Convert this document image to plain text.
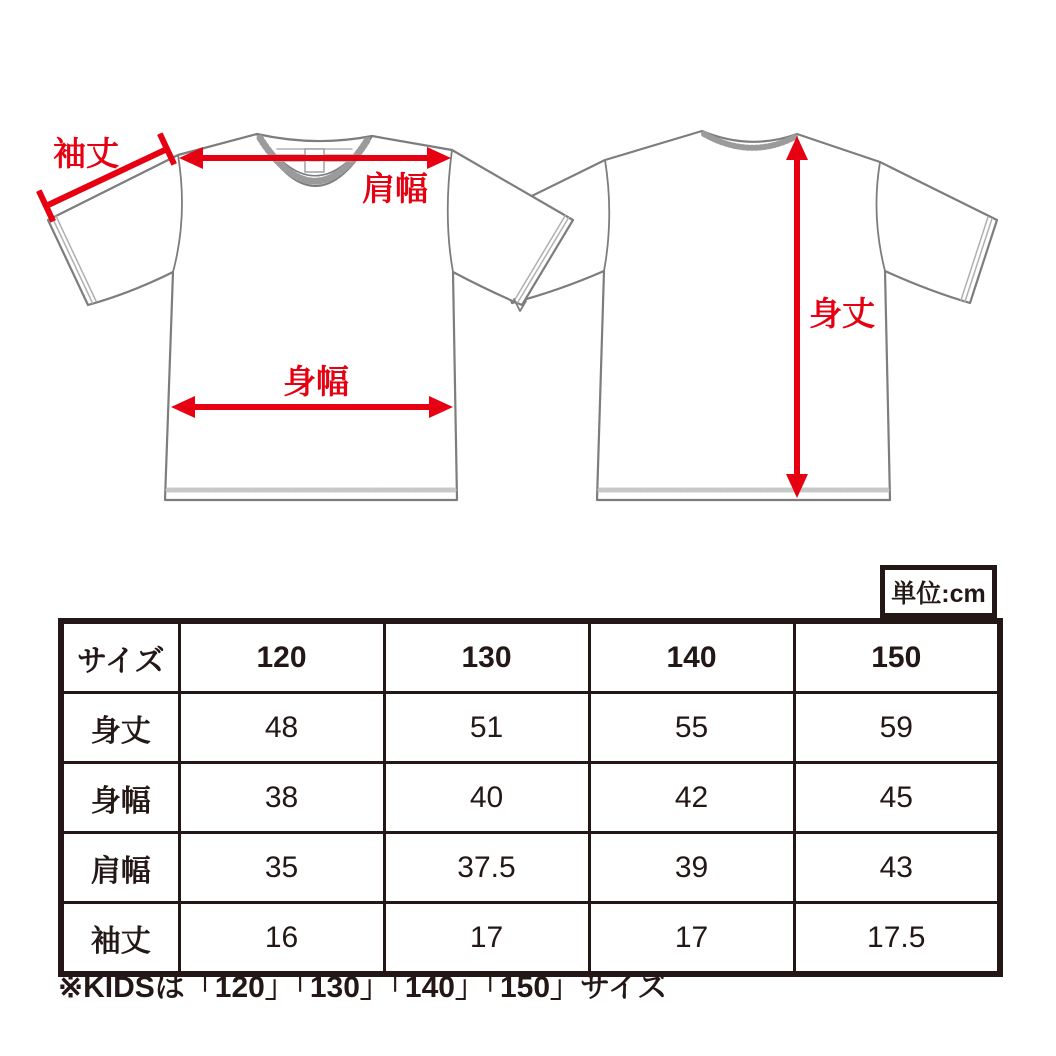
袖丈
肩幅
身幅
身丈
単位:cm
サイズ	120	130	140	150
身丈	48	51	55	59
身幅	38	40	42	45
肩幅	35	37.5	39	43
袖丈	16	17	17	17.5

※KIDSは「120」「130」「140」「150」サイズ
